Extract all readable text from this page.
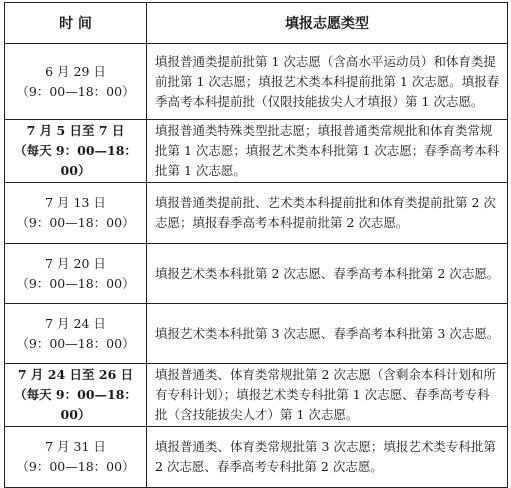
时 间	填报志愿类型

6 月 29 日
（9：00—18：00）	填报普通类提前批第 1 次志愿（含高水平运动员）和体育类提前批第 1 次志愿；填报艺术类本科提前批第 1 次志愿。填报春季高考本科提前批（仅限技能拔尖人才填报）第 1 次志愿。

7 月 5 日至 7 日
（每天 9：00—18：00）	填报普通类特殊类型批志愿；填报普通类常规批和体育类常规批第 1 次志愿；填报艺术类本科批第 1 次志愿；春季高考本科批第 1 次志愿。

7 月 13 日
（9：00—18：00）	填报普通类提前批、艺术类本科提前批和体育类提前批第 2 次志愿；填报春季高考本科提前批第 2 次志愿。

7 月 20 日
（9：00—18：00）	填报艺术类本科批第 2 次志愿、春季高考本科批第 2 次志愿。

7 月 24 日
（9：00—18：00）	填报艺术类本科批第 3 次志愿、春季高考本科批第 3 次志愿。

7 月 24 日至 26 日
（每天 9：00—18：00）	填报普通类、体育类常规批第 2 次志愿（含剩余本科计划和所有专科计划）；填报艺术类专科批第 1 次志愿、春季高考专科批（含技能拔尖人才）第 1 次志愿。

7 月 31 日
（9：00—18：00）	填报普通类、体育类常规批第 3 次志愿；填报艺术类专科批第 2 次志愿、春季高考专科批第 2 次志愿。
